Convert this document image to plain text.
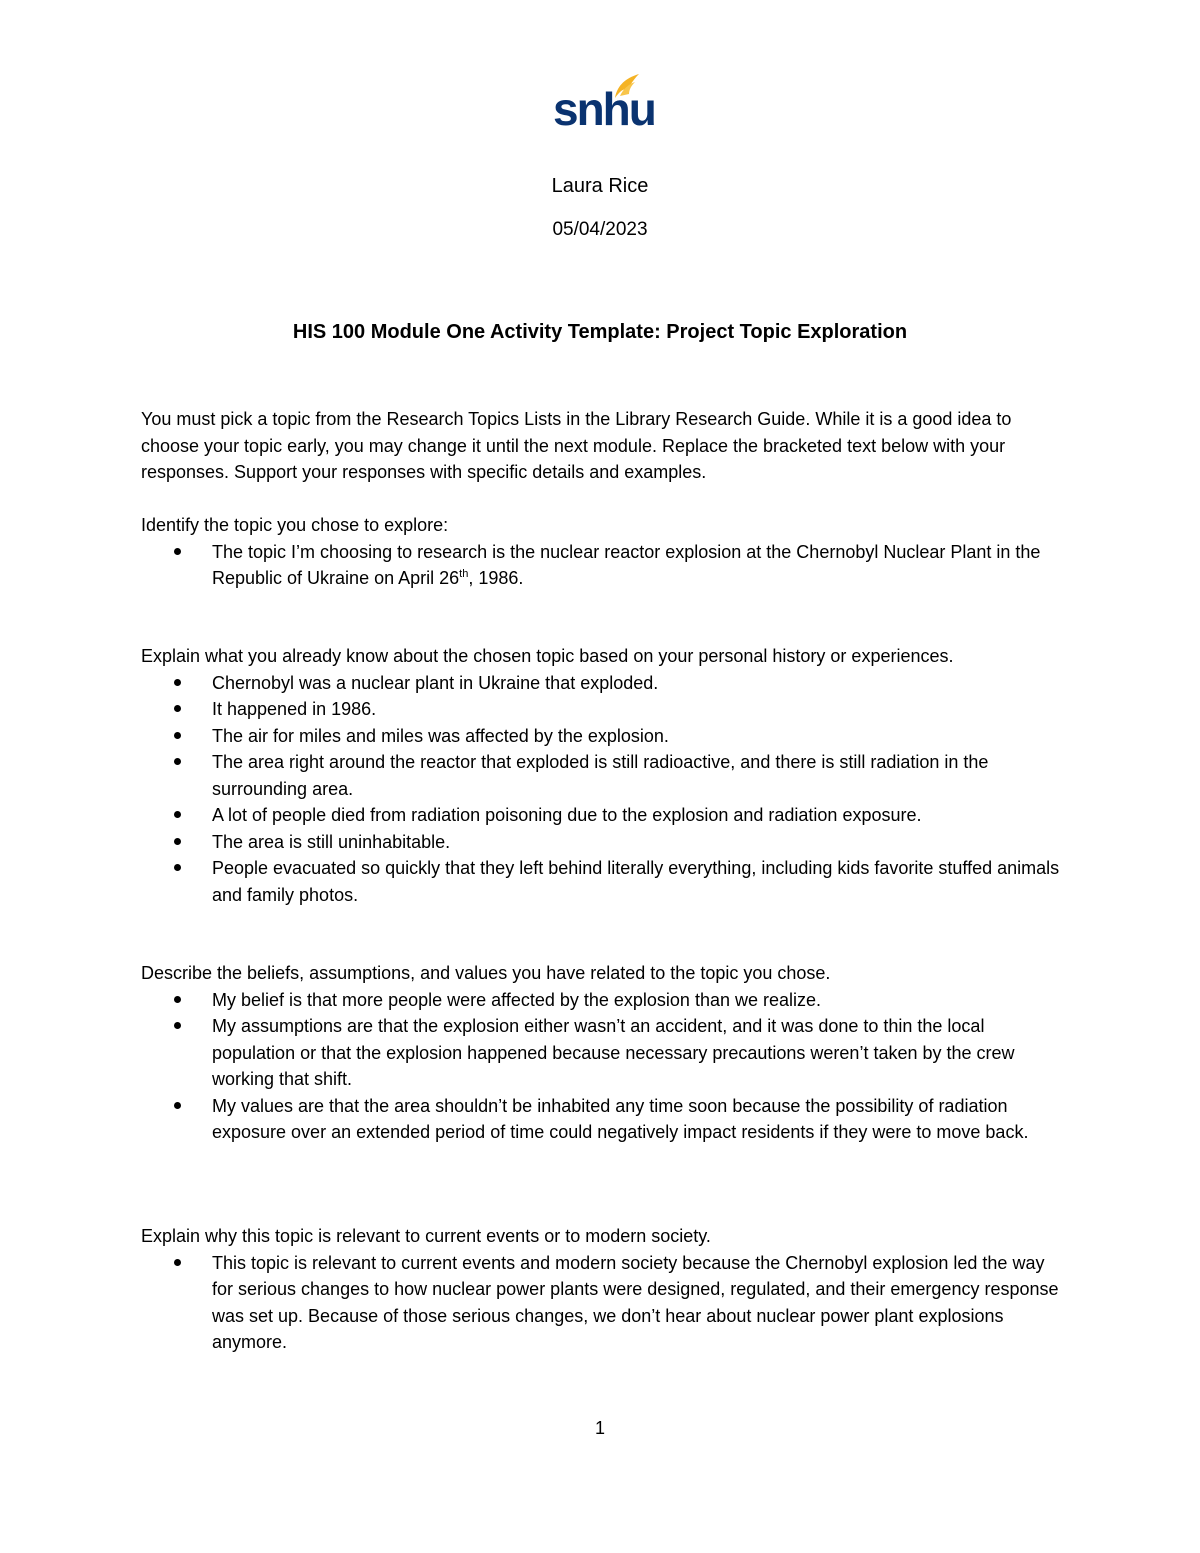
snhu
Laura Rice
05/04/2023
HIS 100 Module One Activity Template: Project Topic Exploration
You must pick a topic from the Research Topics Lists in the Library Research Guide. While it is a good idea to choose your topic early, you may change it until the next module. Replace the bracketed text below with your responses. Support your responses with specific details and examples.
Identify the topic you chose to explore:
The topic I’m choosing to research is the nuclear reactor explosion at the Chernobyl Nuclear Plant in the Republic of Ukraine on April 26th, 1986.
Explain what you already know about the chosen topic based on your personal history or experiences.
Chernobyl was a nuclear plant in Ukraine that exploded.
It happened in 1986.
The air for miles and miles was affected by the explosion.
The area right around the reactor that exploded is still radioactive, and there is still radiation in the surrounding area.
A lot of people died from radiation poisoning due to the explosion and radiation exposure.
The area is still uninhabitable.
People evacuated so quickly that they left behind literally everything, including kids favorite stuffed animals and family photos.
Describe the beliefs, assumptions, and values you have related to the topic you chose.
My belief is that more people were affected by the explosion than we realize.
My assumptions are that the explosion either wasn’t an accident, and it was done to thin the local population or that the explosion happened because necessary precautions weren’t taken by the crew working that shift.
My values are that the area shouldn’t be inhabited any time soon because the possibility of radiation exposure over an extended period of time could negatively impact residents if they were to move back.
Explain why this topic is relevant to current events or to modern society.
This topic is relevant to current events and modern society because the Chernobyl explosion led the way for serious changes to how nuclear power plants were designed, regulated, and their emergency response was set up. Because of those serious changes, we don’t hear about nuclear power plant explosions anymore.
1
